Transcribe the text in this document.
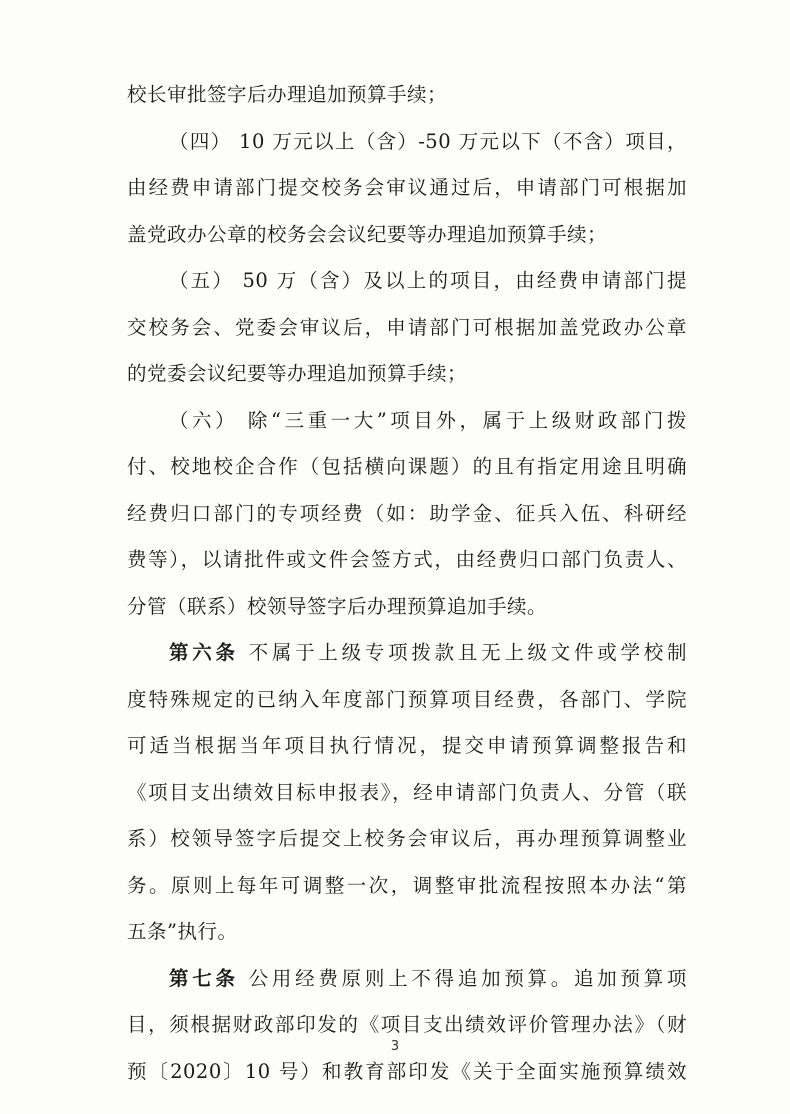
校长审批签字后办理追加预算手续；
（四） 10 万元以上（含）-50 万元以下（不含）项目，
由经费申请部门提交校务会审议通过后，申请部门可根据加
盖党政办公章的校务会会议纪要等办理追加预算手续；
（五） 50 万（含）及以上的项目，由经费申请部门提
交校务会、党委会审议后，申请部门可根据加盖党政办公章
的党委会议纪要等办理追加预算手续；
（六） 除“三重一大”项目外，属于上级财政部门拨
付、校地校企合作（包括横向课题）的且有指定用途且明确
经费归口部门的专项经费（如：助学金、征兵入伍、科研经
费等），以请批件或文件会签方式，由经费归口部门负责人、
分管（联系）校领导签字后办理预算追加手续。
第六条 不属于上级专项拨款且无上级文件或学校制
度特殊规定的已纳入年度部门预算项目经费，各部门、学院
可适当根据当年项目执行情况，提交申请预算调整报告和
《项目支出绩效目标申报表》，经申请部门负责人、分管（联
系）校领导签字后提交上校务会审议后，再办理预算调整业
务。原则上每年可调整一次，调整审批流程按照本办法“第
五条”执行。
第七条 公用经费原则上不得追加预算。追加预算项
目，须根据财政部印发的《项目支出绩效评价管理办法》（财
预〔2020〕10 号）和教育部印发《关于全面实施预算绩效
3
